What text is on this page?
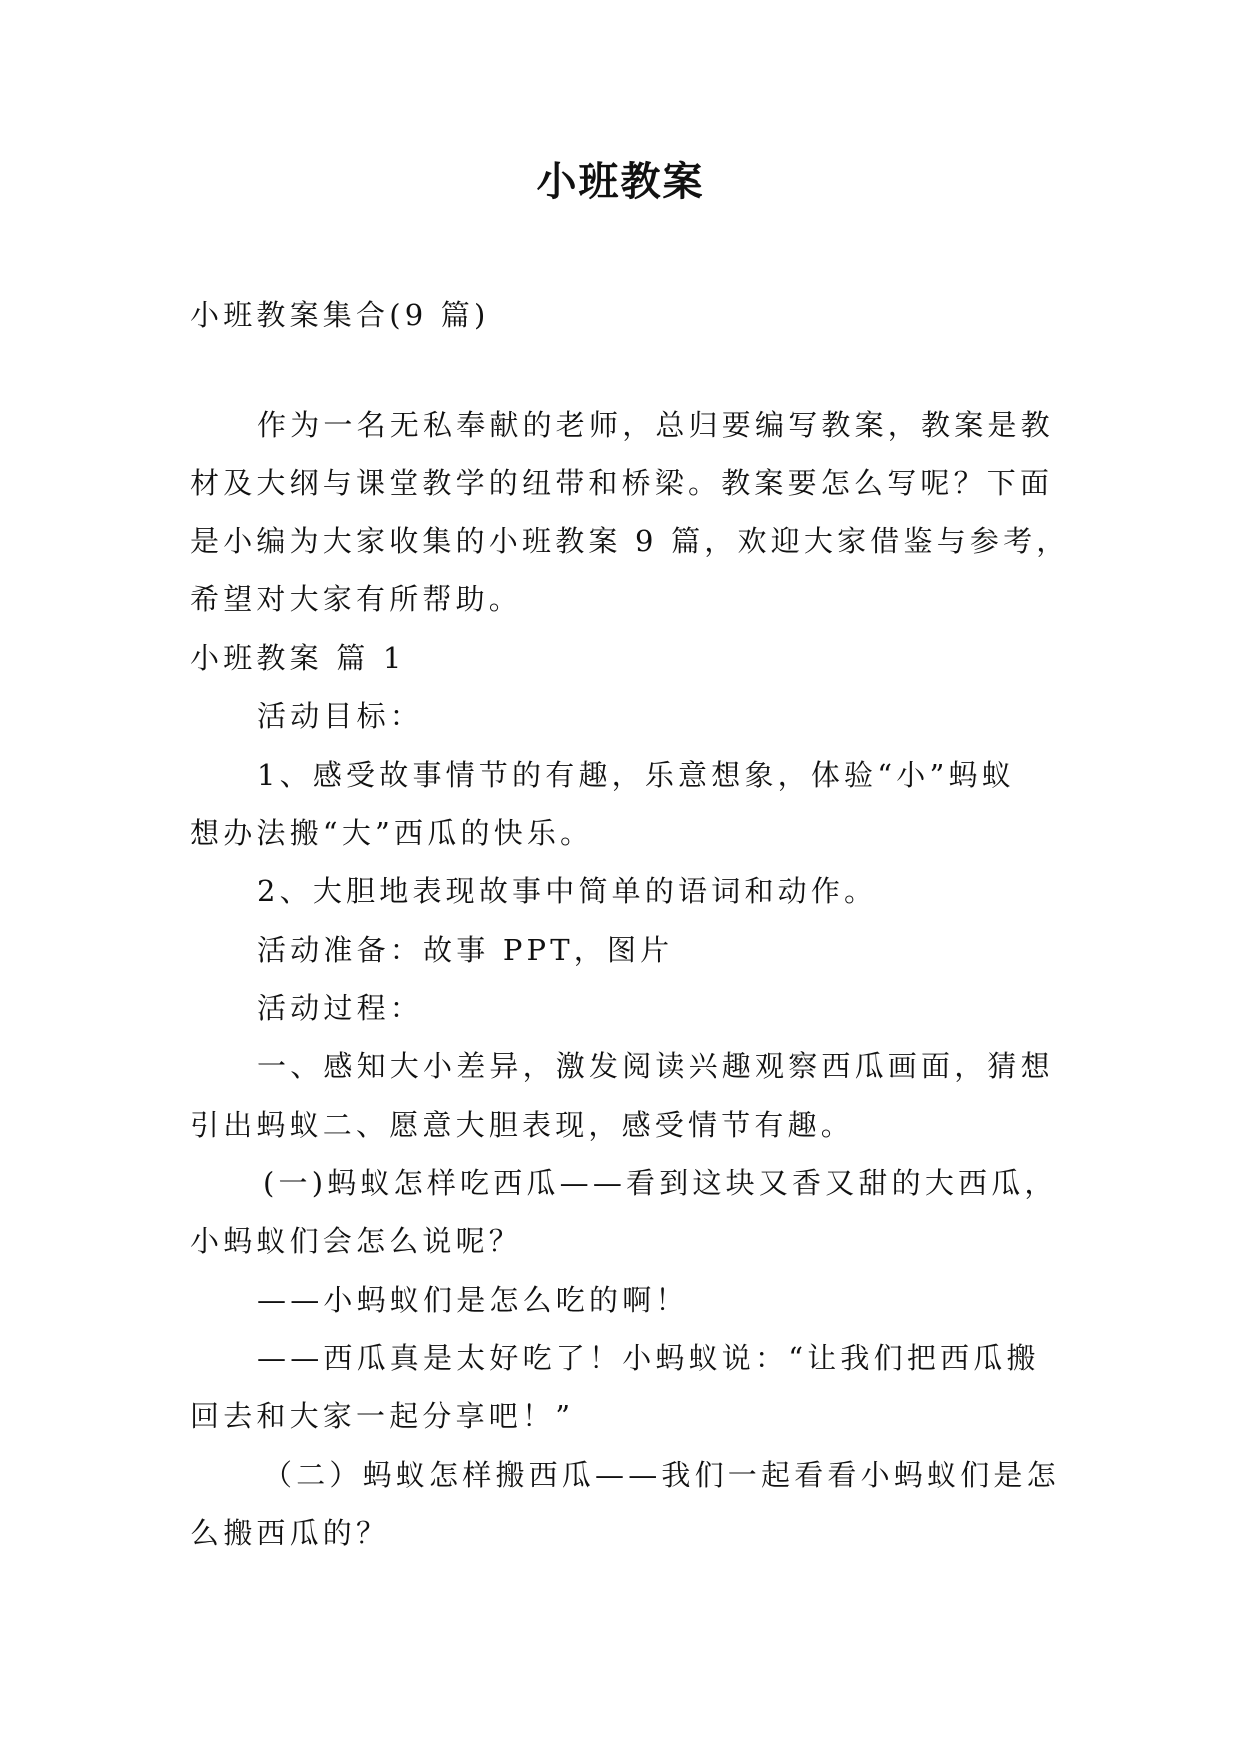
小班教案
小班教案集合(9 篇)
作为一名无私奉献的老师，总归要编写教案，教案是教
材及大纲与课堂教学的纽带和桥梁。教案要怎么写呢？下面
是小编为大家收集的小班教案 9 篇，欢迎大家借鉴与参考，
希望对大家有所帮助。
小班教案 篇 1
活动目标：
1、感受故事情节的有趣，乐意想象，体验“小”蚂蚁
想办法搬“大”西瓜的快乐。
2、大胆地表现故事中简单的语词和动作。
活动准备：故事 PPT，图片
活动过程：
一、感知大小差异，激发阅读兴趣观察西瓜画面，猜想
引出蚂蚁二、愿意大胆表现，感受情节有趣。
(一)蚂蚁怎样吃西瓜——看到这块又香又甜的大西瓜，
小蚂蚁们会怎么说呢？
——小蚂蚁们是怎么吃的啊！
——西瓜真是太好吃了！小蚂蚁说：“让我们把西瓜搬
回去和大家一起分享吧！”
（二）蚂蚁怎样搬西瓜——我们一起看看小蚂蚁们是怎
么搬西瓜的？
